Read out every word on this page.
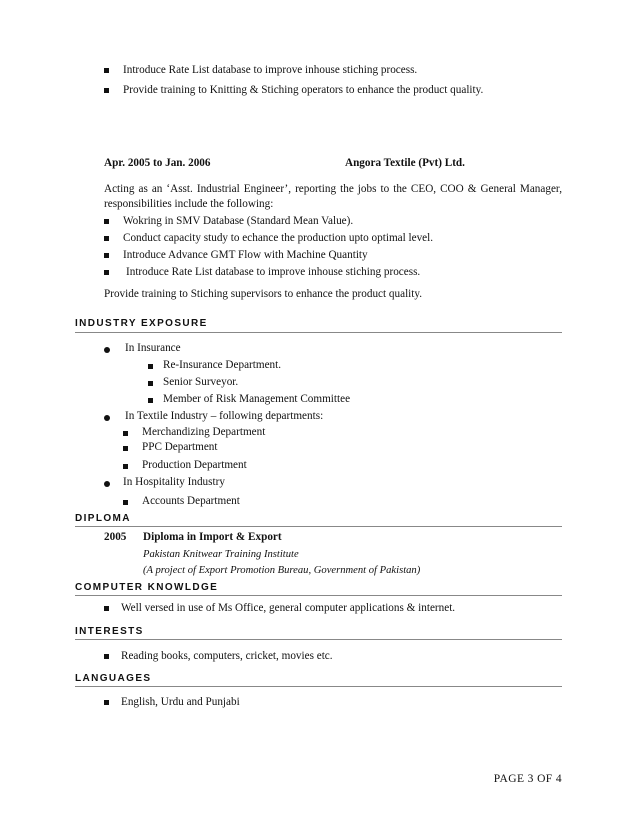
Introduce Rate List database to improve inhouse stiching process.
Provide training to Knitting & Stiching operators to enhance the product quality.
Apr. 2005 to Jan. 2006	Angora Textile (Pvt) Ltd.
Acting as an ‘Asst. Industrial Engineer’, reporting the jobs to the CEO, COO & General Manager,
responsibilities include the following:
Wokring in SMV Database (Standard Mean Value).
Conduct capacity study to echance the production upto optimal level.
Introduce Advance GMT Flow with Machine Quantity
Introduce Rate List database to improve inhouse stiching process.
Provide training to Stiching supervisors to enhance the product quality.
INDUSTRY EXPOSURE
In Insurance
Re-Insurance Department.
Senior Surveyor.
Member of Risk Management Committee
In Textile Industry – following departments:
Merchandizing Department
PPC Department
Production Department
In Hospitality Industry
Accounts Department
DIPLOMA
2005 Diploma in Import & Export
Pakistan Knitwear Training Institute
(A project of Export Promotion Bureau, Government of Pakistan)
COMPUTER KNOWLDGE
Well versed in use of Ms Office, general computer applications & internet.
INTERESTS
Reading books, computers, cricket, movies etc.
LANGUAGES
English, Urdu and Punjabi
PAGE 3 OF 4
